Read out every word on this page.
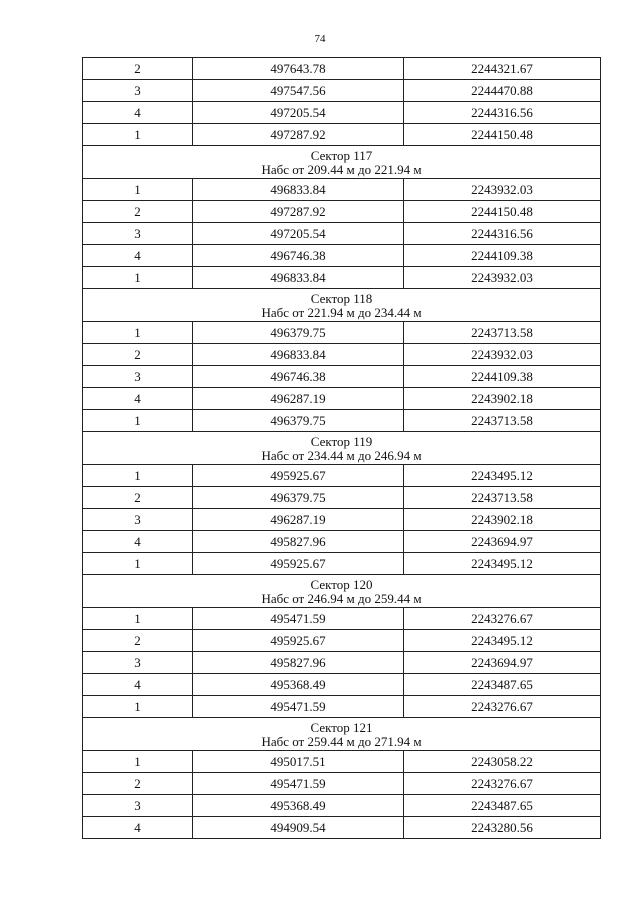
74
2	497643.78	2244321.67
3	497547.56	2244470.88
4	497205.54	2244316.56
1	497287.92	2244150.48

Сектор 117
Набс от 209.44 м до 221.94 м		

1	496833.84	2243932.03
2	497287.92	2244150.48
3	497205.54	2244316.56
4	496746.38	2244109.38
1	496833.84	2243932.03

Сектор 118
Набс от 221.94 м до 234.44 м		

1	496379.75	2243713.58
2	496833.84	2243932.03
3	496746.38	2244109.38
4	496287.19	2243902.18
1	496379.75	2243713.58

Сектор 119
Набс от 234.44 м до 246.94 м		

1	495925.67	2243495.12
2	496379.75	2243713.58
3	496287.19	2243902.18
4	495827.96	2243694.97
1	495925.67	2243495.12

Сектор 120
Набс от 246.94 м до 259.44 м		

1	495471.59	2243276.67
2	495925.67	2243495.12
3	495827.96	2243694.97
4	495368.49	2243487.65
1	495471.59	2243276.67

Сектор 121
Набс от 259.44 м до 271.94 м		

1	495017.51	2243058.22
2	495471.59	2243276.67
3	495368.49	2243487.65
4	494909.54	2243280.56
